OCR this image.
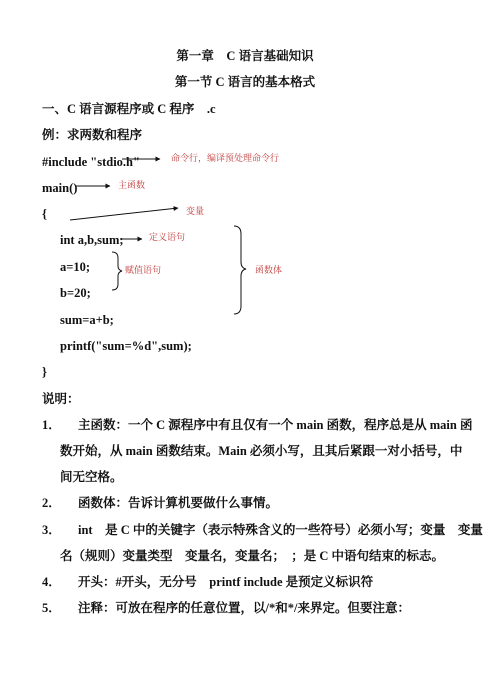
第一章　C 语言基础知识
第一节 C 语言的基本格式
一、C 语言源程序或 C 程序　.c
例：求两数和程序
#include "stdio.h"
main()
{
int a,b,sum;
a=10;
b=20;
sum=a+b;
printf("sum=%d",sum);
}
命令行，编译预处理命令行
主函数
变量
定义语句
赋值语句	函数体
说明：
1． 主函数：一个 C 源程序中有且仅有一个 main 函数，程序总是从 main 函
数开始，从 main 函数结束。Main 必须小写，且其后紧跟一对小括号，中
间无空格。
2． 函数体：告诉计算机要做什么事情。
3． int　是 C 中的关键字（表示特殊含义的一些符号）必须小写；变量　变量
名（规则）变量类型　变量名，变量名；　；是 C 中语句结束的标志。
4． 开头：#开头，无分号　printf include 是预定义标识符
5． 注释：可放在程序的任意位置，以/*和*/来界定。但要注意：
